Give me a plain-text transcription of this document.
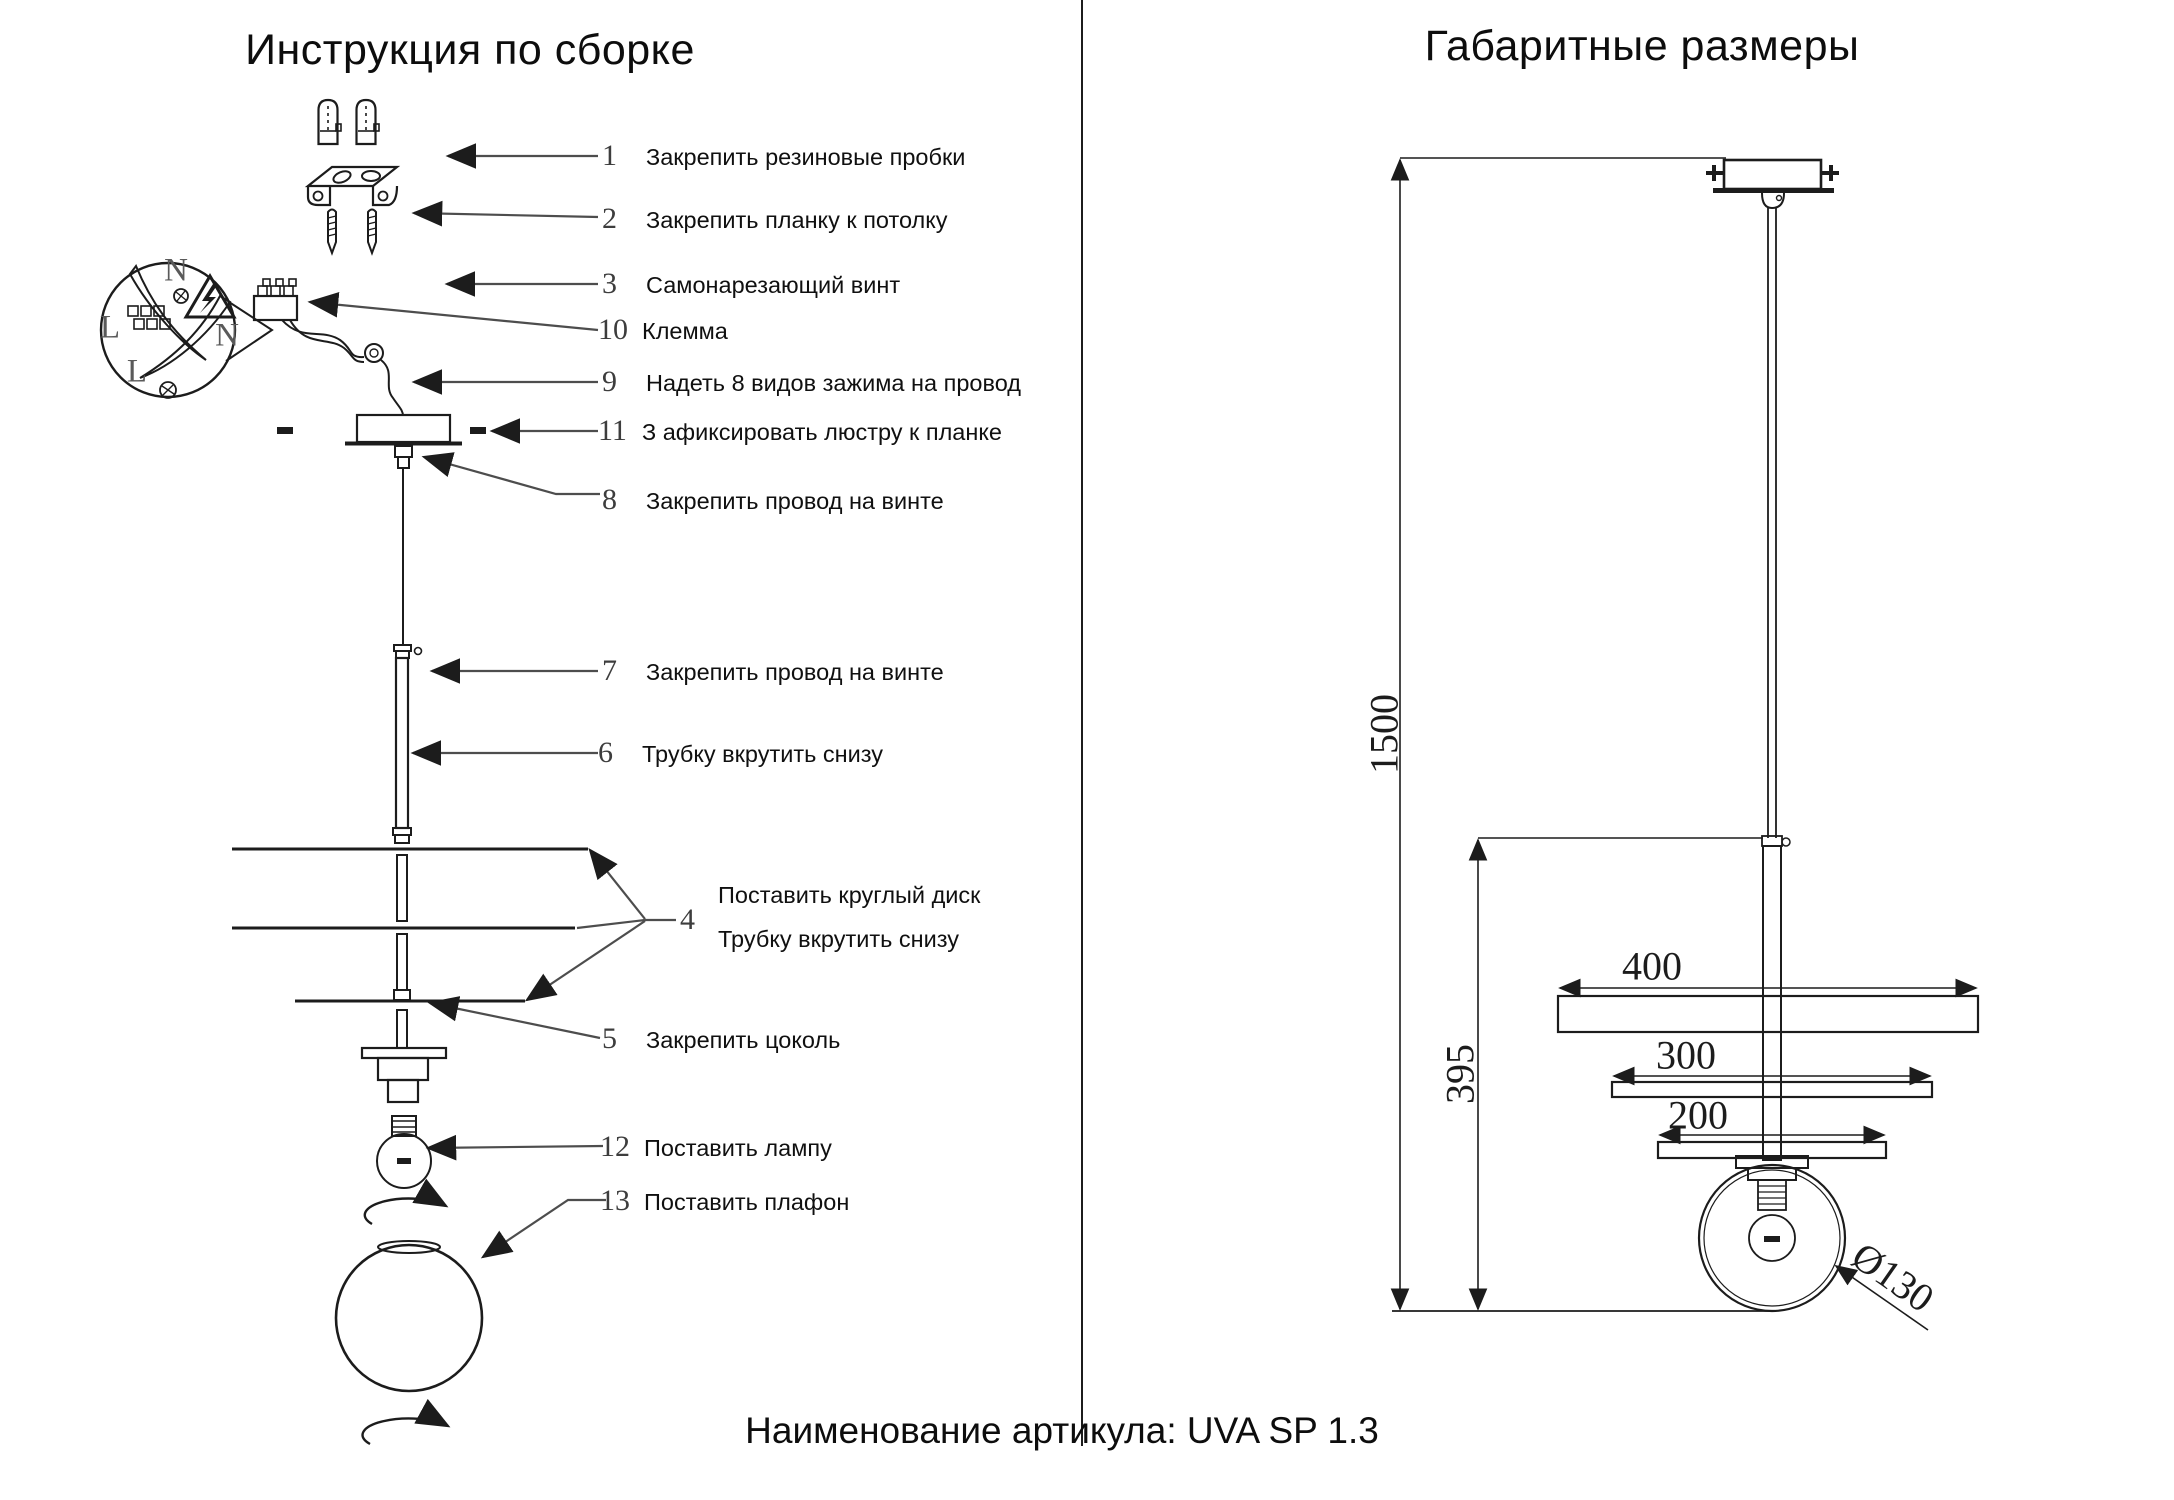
Инструкция по сборке	Габаритные размеры
1	Закрепить резиновые пробки
2	Закрепить планку к потолку
3	Самонарезающий винт
10 Клемма
9	Надеть 8 видов зажима на провод
11 З афиксировать люстру к планке
8	Закрепить провод на винте
7	Закрепить провод на винте
6	Трубку вкрутить снизу
4
Поставить круглый диск
Трубку вкрутить снизу
5	Закрепить цоколь
12 Поставить лампу
13 Поставить плафон
N
L	N
L
1500
395
400
300
200
Ø130
Наименование артикула: UVA SP 1.3
